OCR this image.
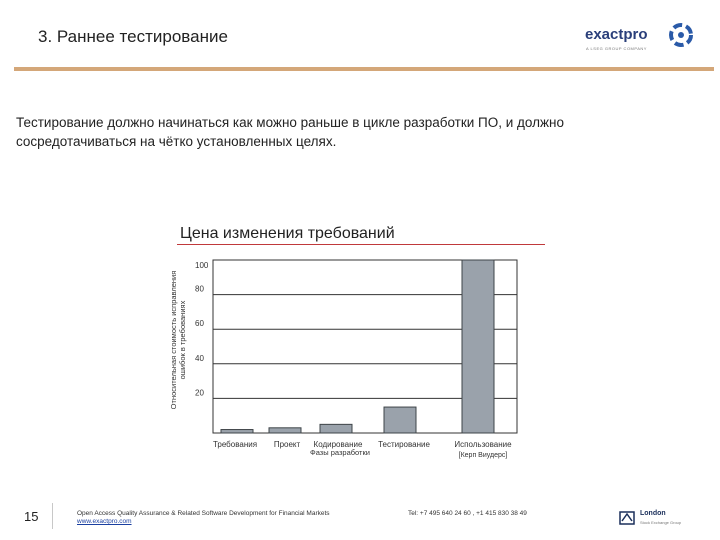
3. Раннее тестирование	exactpro
A LSEG GROUP COMPANY
Тестирование должно начинаться как можно раньше в цикле разработки ПО, и должно сосредотачиваться на чётко установленных целях.
Цена изменения требований
Относительная стоимость исправления ошибок в требованиях
20
40
60
80
100
Требования Проект Кодирование Тестирование	Использование
[Керп Виудерс]
Фазы разработки
15	Open Access Quality Assurance & Related Software Development for Financial Markets
www.exactpro.com
Tel: +7 495 640 24 60 , +1 415 830 38 49	London
Stock Exchange Group
